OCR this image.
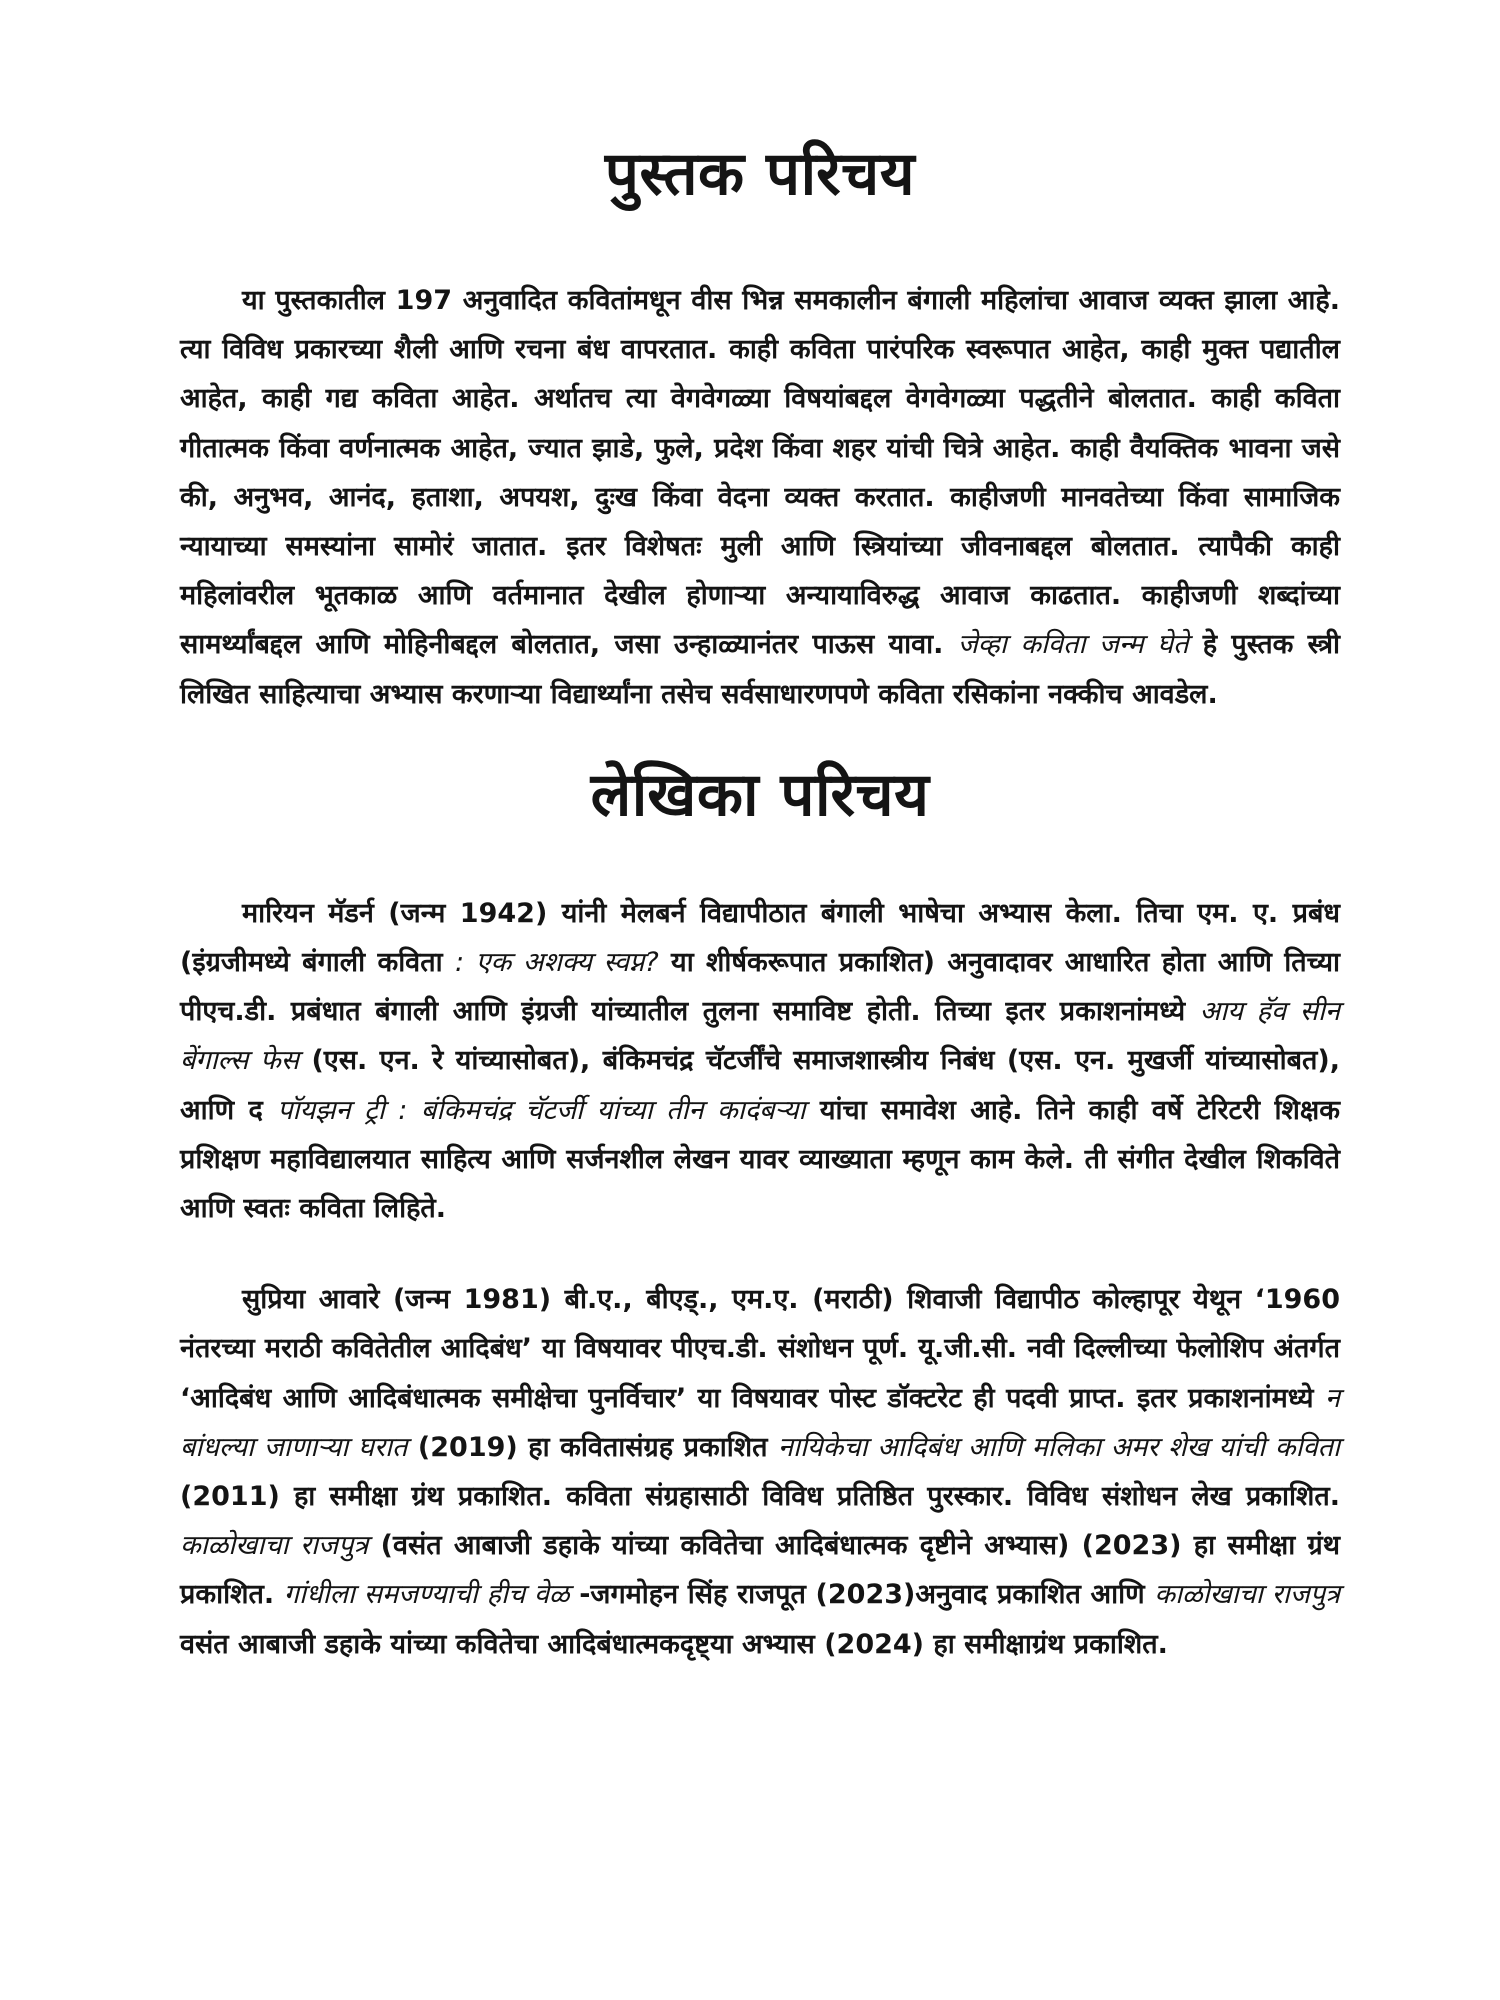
पुस्तक परिचय

या पुस्तकातील 197 अनुवादित कवितांमधून वीस भिन्न समकालीन बंगाली महिलांचा आवाज व्यक्त झाला आहे. त्या विविध प्रकारच्या शैली आणि रचना बंध वापरतात. काही कविता पारंपरिक स्वरूपात आहेत, काही मुक्त पद्यातील आहेत, काही गद्य कविता आहेत. अर्थातच त्या वेगवेगळ्या विषयांबद्दल वेगवेगळ्या पद्धतीने बोलतात. काही कविता गीतात्मक किंवा वर्णनात्मक आहेत, ज्यात झाडे, फुले, प्रदेश किंवा शहर यांची चित्रे आहेत. काही वैयक्तिक भावना जसे की, अनुभव, आनंद, हताशा, अपयश, दुःख किंवा वेदना व्यक्त करतात. काहीजणी मानवतेच्या किंवा सामाजिक न्यायाच्या समस्यांना सामोरं जातात. इतर विशेषतः मुली आणि स्त्रियांच्या जीवनाबद्दल बोलतात. त्यापैकी काही महिलांवरील भूतकाळ आणि वर्तमानात देखील होणाऱ्या अन्यायाविरुद्ध आवाज काढतात. काहीजणी शब्दांच्या सामर्थ्यांबद्दल आणि मोहिनीबद्दल बोलतात, जसा उन्हाळ्यानंतर पाऊस यावा. जेव्हा कविता जन्म घेते हे पुस्तक स्त्री लिखित साहित्याचा अभ्यास करणाऱ्या विद्यार्थ्यांना तसेच सर्वसाधारणपणे कविता रसिकांना नक्कीच आवडेल.

लेखिका परिचय

मारियन मॅडर्न (जन्म 1942) यांनी मेलबर्न विद्यापीठात बंगाली भाषेचा अभ्यास केला. तिचा एम. ए. प्रबंध (इंग्रजीमध्ये बंगाली कविता : एक अशक्य स्वप्न? या शीर्षकरूपात प्रकाशित) अनुवादावर आधारित होता आणि तिच्या पीएच.डी. प्रबंधात बंगाली आणि इंग्रजी यांच्यातील तुलना समाविष्ट होती. तिच्या इतर प्रकाशनांमध्ये आय हॅव सीन बेंगाल्स फेस (एस. एन. रे यांच्यासोबत), बंकिमचंद्र चॅटर्जींचे समाजशास्त्रीय निबंध (एस. एन. मुखर्जी यांच्यासोबत), आणि द पॉयझन ट्री : बंकिमचंद्र चॅटर्जी यांच्या तीन कादंबऱ्या यांचा समावेश आहे. तिने काही वर्षे टेरिटरी शिक्षक प्रशिक्षण महाविद्यालयात साहित्य आणि सर्जनशील लेखन यावर व्याख्याता म्हणून काम केले. ती संगीत देखील शिकविते आणि स्वतः कविता लिहिते.

सुप्रिया आवारे (जन्म 1981) बी.ए., बीएड्., एम.ए. (मराठी) शिवाजी विद्यापीठ कोल्हापूर येथून ‘1960 नंतरच्या मराठी कवितेतील आदिबंध’ या विषयावर पीएच.डी. संशोधन पूर्ण. यू.जी.सी. नवी दिल्लीच्या फेलोशिप अंतर्गत ‘आदिबंध आणि आदिबंधात्मक समीक्षेचा पुनर्विचार’ या विषयावर पोस्ट डॉक्टरेट ही पदवी प्राप्त. इतर प्रकाशनांमध्ये न बांधल्या जाणाऱ्या घरात (2019) हा कवितासंग्रह प्रकाशित नायिकेचा आदिबंध आणि मलिका अमर शेख यांची कविता (2011) हा समीक्षा ग्रंथ प्रकाशित. कविता संग्रहासाठी विविध प्रतिष्ठित पुरस्कार. विविध संशोधन लेख प्रकाशित. काळोखाचा राजपुत्र (वसंत आबाजी डहाके यांच्या कवितेचा आदिबंधात्मक दृष्टीने अभ्यास) (2023) हा समीक्षा ग्रंथ प्रकाशित. गांधीला समजण्याची हीच वेळ -जगमोहन सिंह राजपूत (2023)अनुवाद प्रकाशित आणि काळोखाचा राजपुत्र वसंत आबाजी डहाके यांच्या कवितेचा आदिबंधात्मकदृष्ट्या अभ्यास (2024) हा समीक्षाग्रंथ प्रकाशित.
